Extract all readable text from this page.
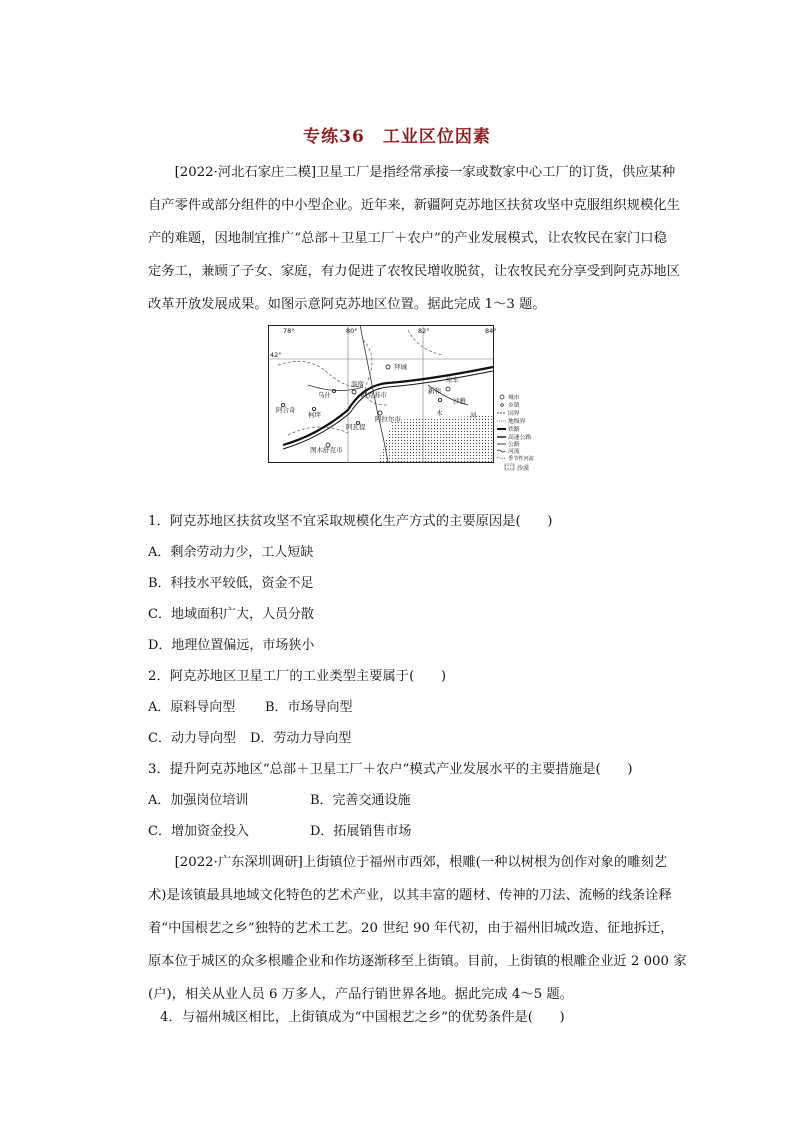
专练36　工业区位因素
[2022·河北石家庄二模]卫星工厂是指经常承接一家或数家中心工厂的订货，供应某种
自产零件或部分组件的中小型企业。近年来，新疆阿克苏地区扶贫攻坚中克服组织规模化生
产的难题，因地制宜推广“总部＋卫星工厂＋农户”的产业发展模式，让农牧民在家门口稳
定务工，兼顾了子女、家庭，有力促进了农牧民增收脱贫，让农牧民充分享受到阿克苏地区
改革开放发展成果。如图示意阿克苏地区位置。据此完成 1～3 题。
78°	80°	82°	84°
42°
拜城
温宿
阿克苏市
库车
新和
沙雅
乌什
柯坪
阿合奇
阿拉尔市
阿瓦提
图木舒克市
木	河
城市
乡镇
国界
地级界
铁路
高速公路
公路
河流
季节性河流
沙漠
1．阿克苏地区扶贫攻坚不宜采取规模化生产方式的主要原因是(　　)
A．剩余劳动力少，工人短缺
B．科技水平较低，资金不足
C．地域面积广大，人员分散
D．地理位置偏远，市场狭小
2．阿克苏地区卫星工厂的工业类型主要属于(　　)
A．原料导向型 B．市场导向型
C．动力导向型 D．劳动力导向型
3．提升阿克苏地区“总部＋卫星工厂＋农户”模式产业发展水平的主要措施是(　　)
A．加强岗位培训	B．完善交通设施
C．增加资金投入	D．拓展销售市场
[2022·广东深圳调研]上街镇位于福州市西郊，根雕(一种以树根为创作对象的雕刻艺
术)是该镇最具地域文化特色的艺术产业，以其丰富的题材、传神的刀法、流畅的线条诠释
着“中国根艺之乡”独特的艺术工艺。20 世纪 90 年代初，由于福州旧城改造、征地拆迁，
原本位于城区的众多根雕企业和作坊逐渐移至上街镇。目前，上街镇的根雕企业近 2 000 家
(户)，相关从业人员 6 万多人，产品行销世界各地。据此完成 4～5 题。
4．与福州城区相比，上街镇成为“中国根艺之乡”的优势条件是(　　)
